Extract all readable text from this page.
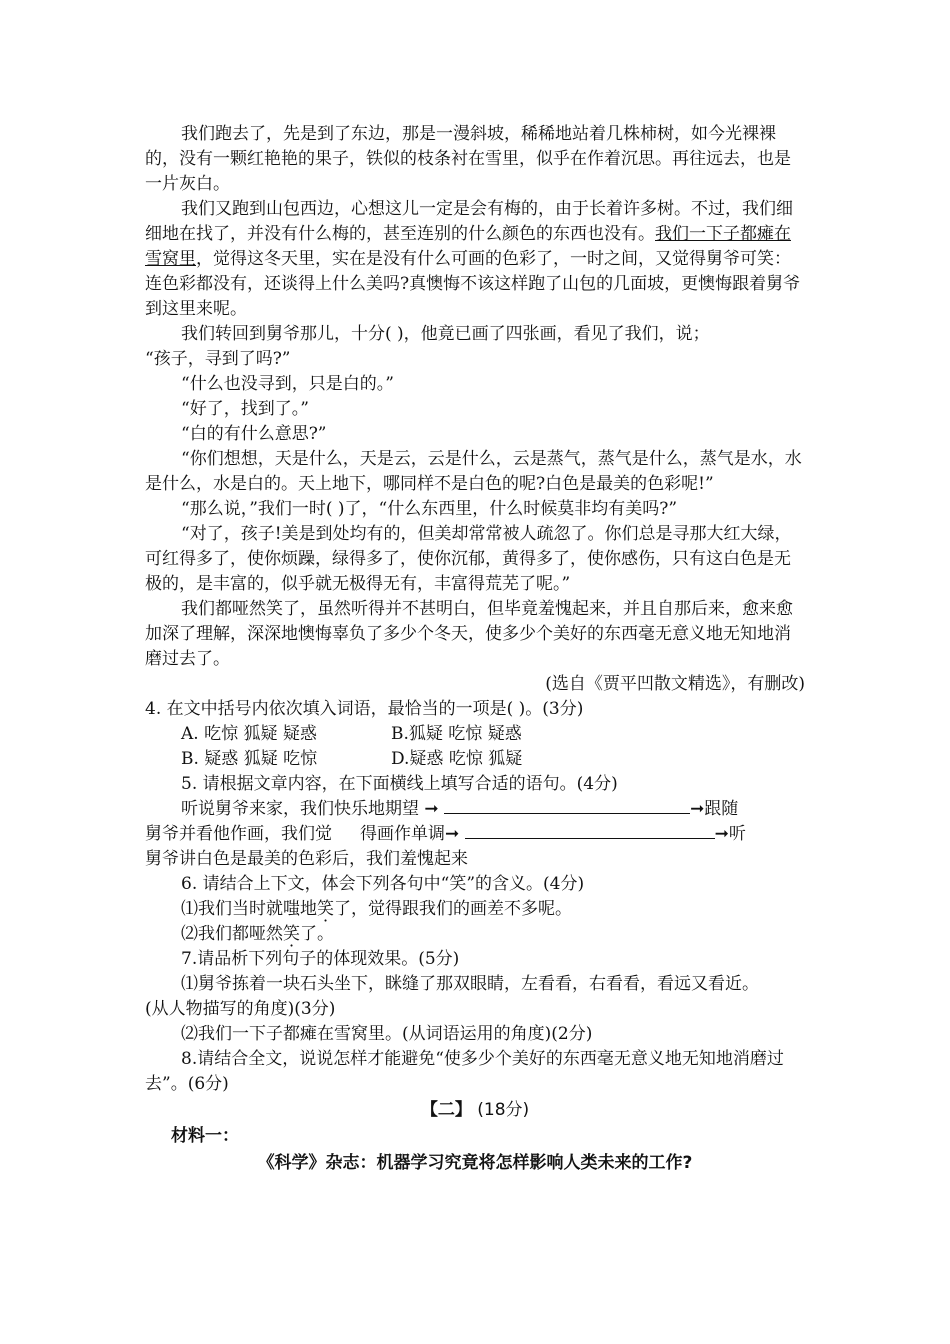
我们跑去了，先是到了东边，那是一漫斜坡，稀稀地站着几株柿树，如今光裸裸的，没有一颗红艳艳的果子，铁似的枝条衬在雪里，似乎在作着沉思。再往远去，也是一片灰白。

我们又跑到山包西边，心想这儿一定是会有梅的，由于长着许多树。不过，我们细细地在找了，并没有什么梅的，甚至连别的什么颜色的东西也没有。我们一下子都瘫在雪窝里，觉得这冬天里，实在是没有什么可画的色彩了，一时之间，又觉得舅爷可笑：连色彩都没有，还谈得上什么美吗?真懊悔不该这样跑了山包的几面坡，更懊悔跟着舅爷到这里来呢。

我们转回到舅爷那儿，十分( )，他竟已画了四张画，看见了我们，说；

“孩子，寻到了吗?”

“什么也没寻到，只是白的。”

“好了，找到了。”

“白的有什么意思?”

“你们想想，天是什么，天是云，云是什么，云是蒸气，蒸气是什么，蒸气是水，水是什么，水是白的。天上地下，哪同样不是白色的呢?白色是最美的色彩呢!”

“那么说，”我们一时( )了，“什么东西里，什么时候莫非均有美吗?”

“对了，孩子!美是到处均有的，但美却常常被人疏忽了。你们总是寻那大红大绿，可红得多了，使你烦躁，绿得多了，使你沉郁，黄得多了，使你感伤，只有这白色是无极的，是丰富的，似乎就无极得无有，丰富得荒芜了呢。”

我们都哑然笑了，虽然听得并不甚明白，但毕竟羞愧起来，并且自那后来，愈来愈加深了理解，深深地懊悔辜负了多少个冬天，使多少个美好的东西毫无意义地无知地消磨过去了。

(选自《贾平凹散文精选》，有删改)

4. 在文中括号内依次填入词语，最恰当的一项是( )。(3分)

A. 吃惊 狐疑 疑惑	B.狐疑 吃惊 疑惑
B. 疑惑 狐疑 吃惊	D.疑惑 吃惊 狐疑

5. 请根据文章内容，在下面横线上填写合适的语句。(4分)

听说舅爷来家，我们快乐地期望 ➞	➞跟随

舅爷并看他作画，我们觉 得画作单调➞	➞听

舅爷讲白色是最美的色彩后，我们羞愧起来

6. 请结合上下文，体会下列各句中“笑”的含义。(4分)

⑴我们当时就嗤地笑了，觉得跟我们的画差不多呢。

⑵我们都哑然笑了。

7.请品析下列句子的体现效果。(5分)

⑴舅爷拣着一块石头坐下，眯缝了那双眼睛，左看看，右看看，看远又看近。(从人物描写的角度)(3分)

⑵我们一下子都瘫在雪窝里。(从词语运用的角度)(2分)

8.请结合全文，说说怎样才能避免“使多少个美好的东西毫无意义地无知地消磨过去”。(6分)

【二】 (18分)
材料一：
《科学》杂志：机器学习究竟将怎样影响人类未来的工作?
